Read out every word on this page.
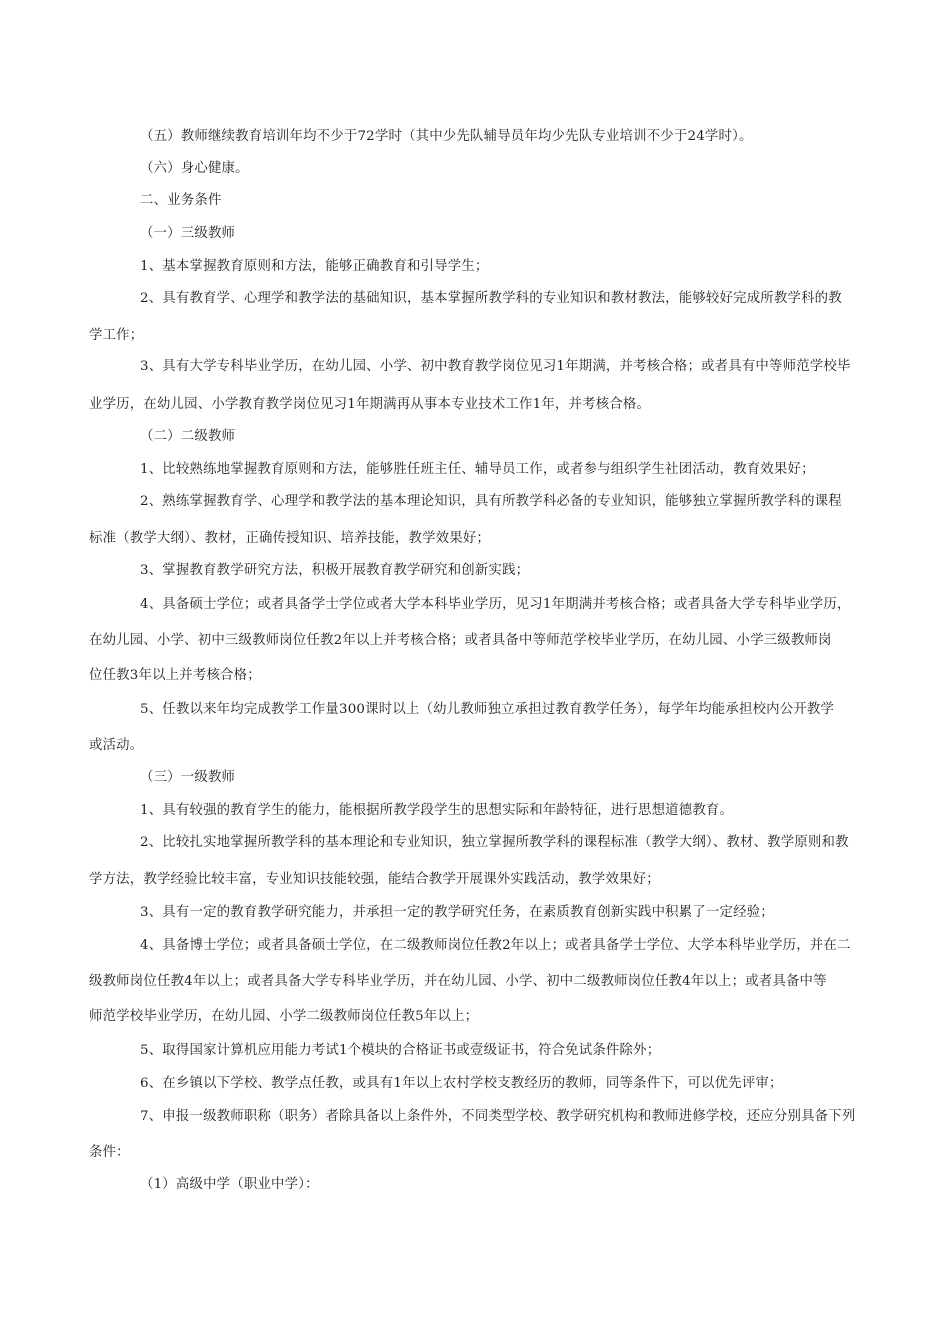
（五）教师继续教育培训年均不少于72学时（其中少先队辅导员年均少先队专业培训不少于24学时）。
（六）身心健康。
二、业务条件
（一）三级教师
1、基本掌握教育原则和方法，能够正确教育和引导学生；
2、具有教育学、心理学和教学法的基础知识，基本掌握所教学科的专业知识和教材教法，能够较好完成所教学科的教
学工作；
3、具有大学专科毕业学历，在幼儿园、小学、初中教育教学岗位见习1年期满，并考核合格；或者具有中等师范学校毕
业学历，在幼儿园、小学教育教学岗位见习1年期满再从事本专业技术工作1年，并考核合格。
（二）二级教师
1、比较熟练地掌握教育原则和方法，能够胜任班主任、辅导员工作，或者参与组织学生社团活动，教育效果好；
2、熟练掌握教育学、心理学和教学法的基本理论知识，具有所教学科必备的专业知识，能够独立掌握所教学科的课程
标准（教学大纲）、教材，正确传授知识、培养技能，教学效果好；
3、掌握教育教学研究方法，积极开展教育教学研究和创新实践；
4、具备硕士学位；或者具备学士学位或者大学本科毕业学历，见习1年期满并考核合格；或者具备大学专科毕业学历，
在幼儿园、小学、初中三级教师岗位任教2年以上并考核合格；或者具备中等师范学校毕业学历，在幼儿园、小学三级教师岗
位任教3年以上并考核合格；
5、任教以来年均完成教学工作量300课时以上（幼儿教师独立承担过教育教学任务），每学年均能承担校内公开教学
或活动。
（三）一级教师
1、具有较强的教育学生的能力，能根据所教学段学生的思想实际和年龄特征，进行思想道德教育。
2、比较扎实地掌握所教学科的基本理论和专业知识，独立掌握所教学科的课程标准（教学大纲）、教材、教学原则和教
学方法，教学经验比较丰富，专业知识技能较强，能结合教学开展课外实践活动，教学效果好；
3、具有一定的教育教学研究能力，并承担一定的教学研究任务，在素质教育创新实践中积累了一定经验；
4、具备博士学位；或者具备硕士学位，在二级教师岗位任教2年以上；或者具备学士学位、大学本科毕业学历，并在二
级教师岗位任教4年以上；或者具备大学专科毕业学历，并在幼儿园、小学、初中二级教师岗位任教4年以上；或者具备中等
师范学校毕业学历，在幼儿园、小学二级教师岗位任教5年以上；
5、取得国家计算机应用能力考试1个模块的合格证书或壹级证书，符合免试条件除外；
6、在乡镇以下学校、教学点任教，或具有1年以上农村学校支教经历的教师，同等条件下，可以优先评审；
7、申报一级教师职称（职务）者除具备以上条件外，不同类型学校、教学研究机构和教师进修学校，还应分别具备下列
条件：
（1）高级中学（职业中学）：
